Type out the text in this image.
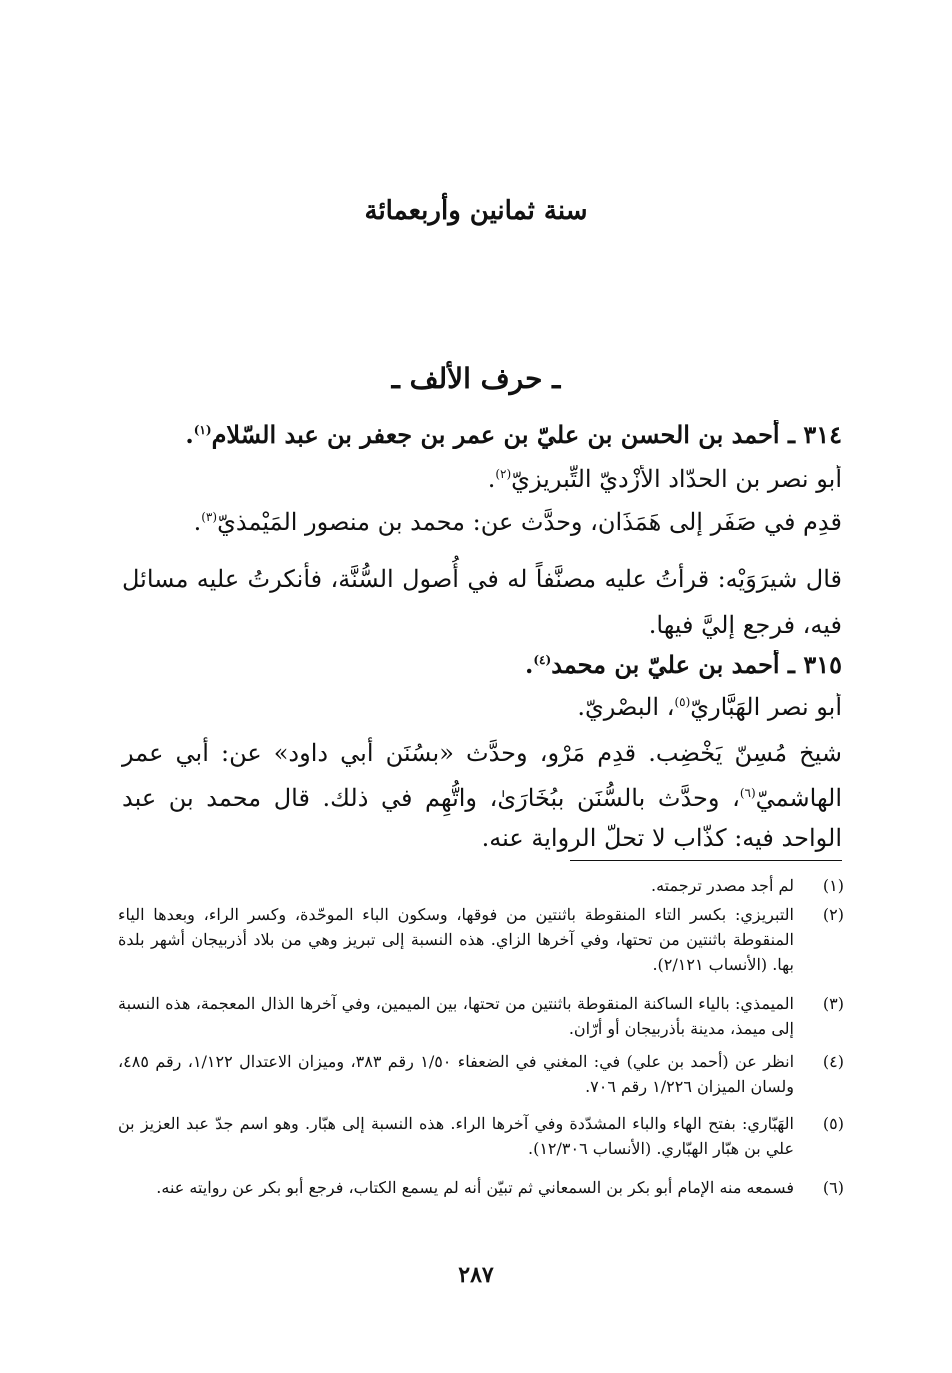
سنة ثمانين وأربعمائة
ـ حرف الألف ـ
٣١٤ ـ أحمد بن الحسن بن عليّ بن عمر بن جعفر بن عبد السّلام$^{(١)}$.
أبو نصر بن الحدّاد الأزْديّ التِّبريزيّ$^{(٢)}$.
قدِم في صَفَر إلى هَمَذَان، وحدَّث عن: محمد بن منصور المَيْمذيّ$^{(٣)}$.
قال شيرَوَيْه: قرأتُ عليه مصنَّفاً له في أُصول السُّنَّة، فأنكرتُ عليه مسائل فيه، فرجع إليَّ فيها.
٣١٥ ـ أحمد بن عليّ بن محمد$^{(٤)}$.
أبو نصر الهَبَّاريّ$^{(٥)}$، البصْريّ.
شيخ مُسِنّ يَخْضِب. قدِم مَرْو، وحدَّث «بسُنَن أبي داود» عن: أبي عمر الهاشميّ$^{(٦)}$، وحدَّث بالسُّنَن ببُخَارَىٰ، واتُّهِم في ذلك. قال محمد بن عبد الواحد فيه: كذّاب لا تحلّ الرواية عنه.
(١)
لم أجد مصدر ترجمته.
(٢)
التبريزي: بكسر التاء المنقوطة باثنتين من فوقها، وسكون الباء الموحّدة، وكسر الراء، وبعدها الياء المنقوطة باثنتين من تحتها، وفي آخرها الزاي. هذه النسبة إلى تبريز وهي من بلاد أذربيجان أشهر بلدة بها. (الأنساب ٢/١٢١).
(٣)
الميمذي: بالياء الساكنة المنقوطة باثنتين من تحتها، بين الميمين، وفي آخرها الذال المعجمة، هذه النسبة إلى ميمذ، مدينة بأذربيجان أو أرّان.
(٤)
انظر عن (أحمد بن علي) في: المغني في الضعفاء ١/٥٠ رقم ٣٨٣، وميزان الاعتدال ١/١٢٢، رقم ٤٨٥، ولسان الميزان ١/٢٢٦ رقم ٧٠٦.
(٥)
الهَبّاري: بفتح الهاء والباء المشدّدة وفي آخرها الراء. هذه النسبة إلى هبّار. وهو اسم جدّ عبد العزيز بن علي بن هبّار الهبّاري. (الأنساب ١٢/٣٠٦).
(٦)
فسمعه منه الإمام أبو بكر بن السمعاني ثم تبيّن أنه لم يسمع الكتاب، فرجع أبو بكر عن روايته عنه.
٢٨٧
